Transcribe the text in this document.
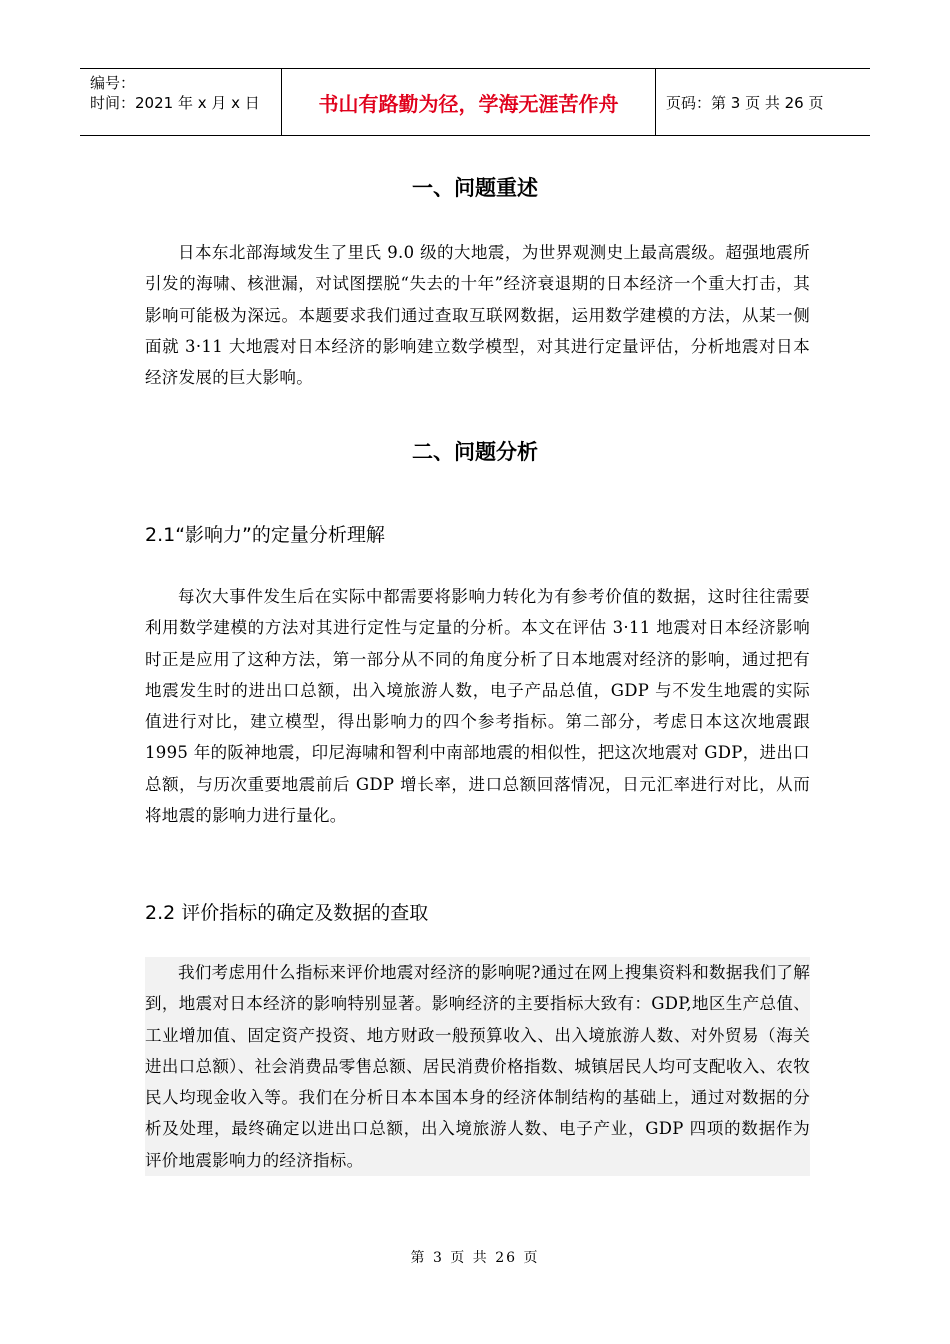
编号：
时间：2021 年 x 月 x 日	书山有路勤为径，学海无涯苦作舟	页码：第 3 页 共 26 页
一、问题重述
日本东北部海域发生了里氏 9.0 级的大地震，为世界观测史上最高震级。超强地震所引发的海啸、核泄漏，对试图摆脱“失去的十年”经济衰退期的日本经济一个重大打击，其影响可能极为深远。本题要求我们通过查取互联网数据，运用数学建模的方法，从某一侧面就 3·11 大地震对日本经济的影响建立数学模型，对其进行定量评估，分析地震对日本经济发展的巨大影响。
二、问题分析
2.1“影响力”的定量分析理解
每次大事件发生后在实际中都需要将影响力转化为有参考价值的数据，这时往往需要利用数学建模的方法对其进行定性与定量的分析。本文在评估 3·11 地震对日本经济影响时正是应用了这种方法，第一部分从不同的角度分析了日本地震对经济的影响，通过把有地震发生时的进出口总额，出入境旅游人数，电子产品总值，GDP 与不发生地震的实际值进行对比，建立模型，得出影响力的四个参考指标。第二部分，考虑日本这次地震跟 1995 年的阪神地震，印尼海啸和智利中南部地震的相似性，把这次地震对 GDP，进出口总额，与历次重要地震前后 GDP 增长率，进口总额回落情况，日元汇率进行对比，从而将地震的影响力进行量化。
2.2 评价指标的确定及数据的查取
我们考虑用什么指标来评价地震对经济的影响呢?通过在网上搜集资料和数据我们了解到，地震对日本经济的影响特别显著。影响经济的主要指标大致有：GDP,地区生产总值、工业增加值、固定资产投资、地方财政一般预算收入、出入境旅游人数、对外贸易（海关进出口总额）、社会消费品零售总额、居民消费价格指数、城镇居民人均可支配收入、农牧民人均现金收入等。我们在分析日本本国本身的经济体制结构的基础上，通过对数据的分析及处理，最终确定以进出口总额，出入境旅游人数、电子产业，GDP 四项的数据作为评价地震影响力的经济指标。
第 3 页 共 26 页
